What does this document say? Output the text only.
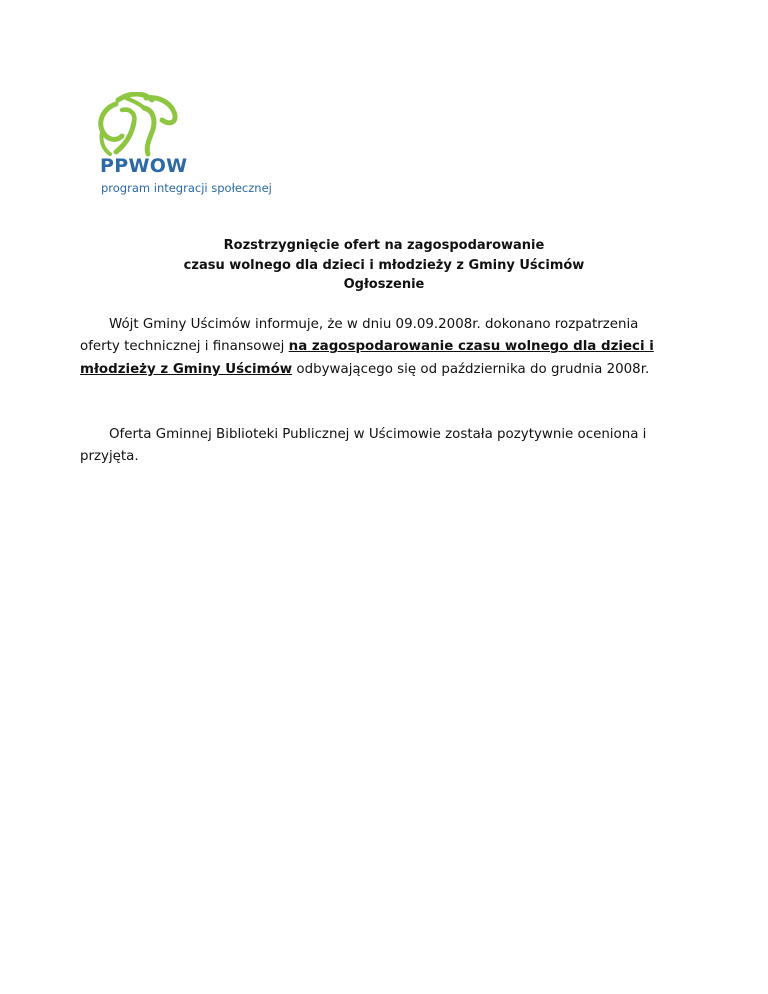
PPWOW
program integracji społecznej
Rozstrzygnięcie ofert na zagospodarowanie
czasu wolnego dla dzieci i młodzieży z Gminy Uścimów
Ogłoszenie

Wójt Gminy Uścimów informuje, że w dniu 09.09.2008r. dokonano rozpatrzenia oferty technicznej i finansowej na zagospodarowanie czasu wolnego dla dzieci i młodzieży z Gminy Uścimów odbywającego się od października do grudnia 2008r.

Oferta Gminnej Biblioteki Publicznej w Uścimowie została pozytywnie oceniona i przyjęta.
